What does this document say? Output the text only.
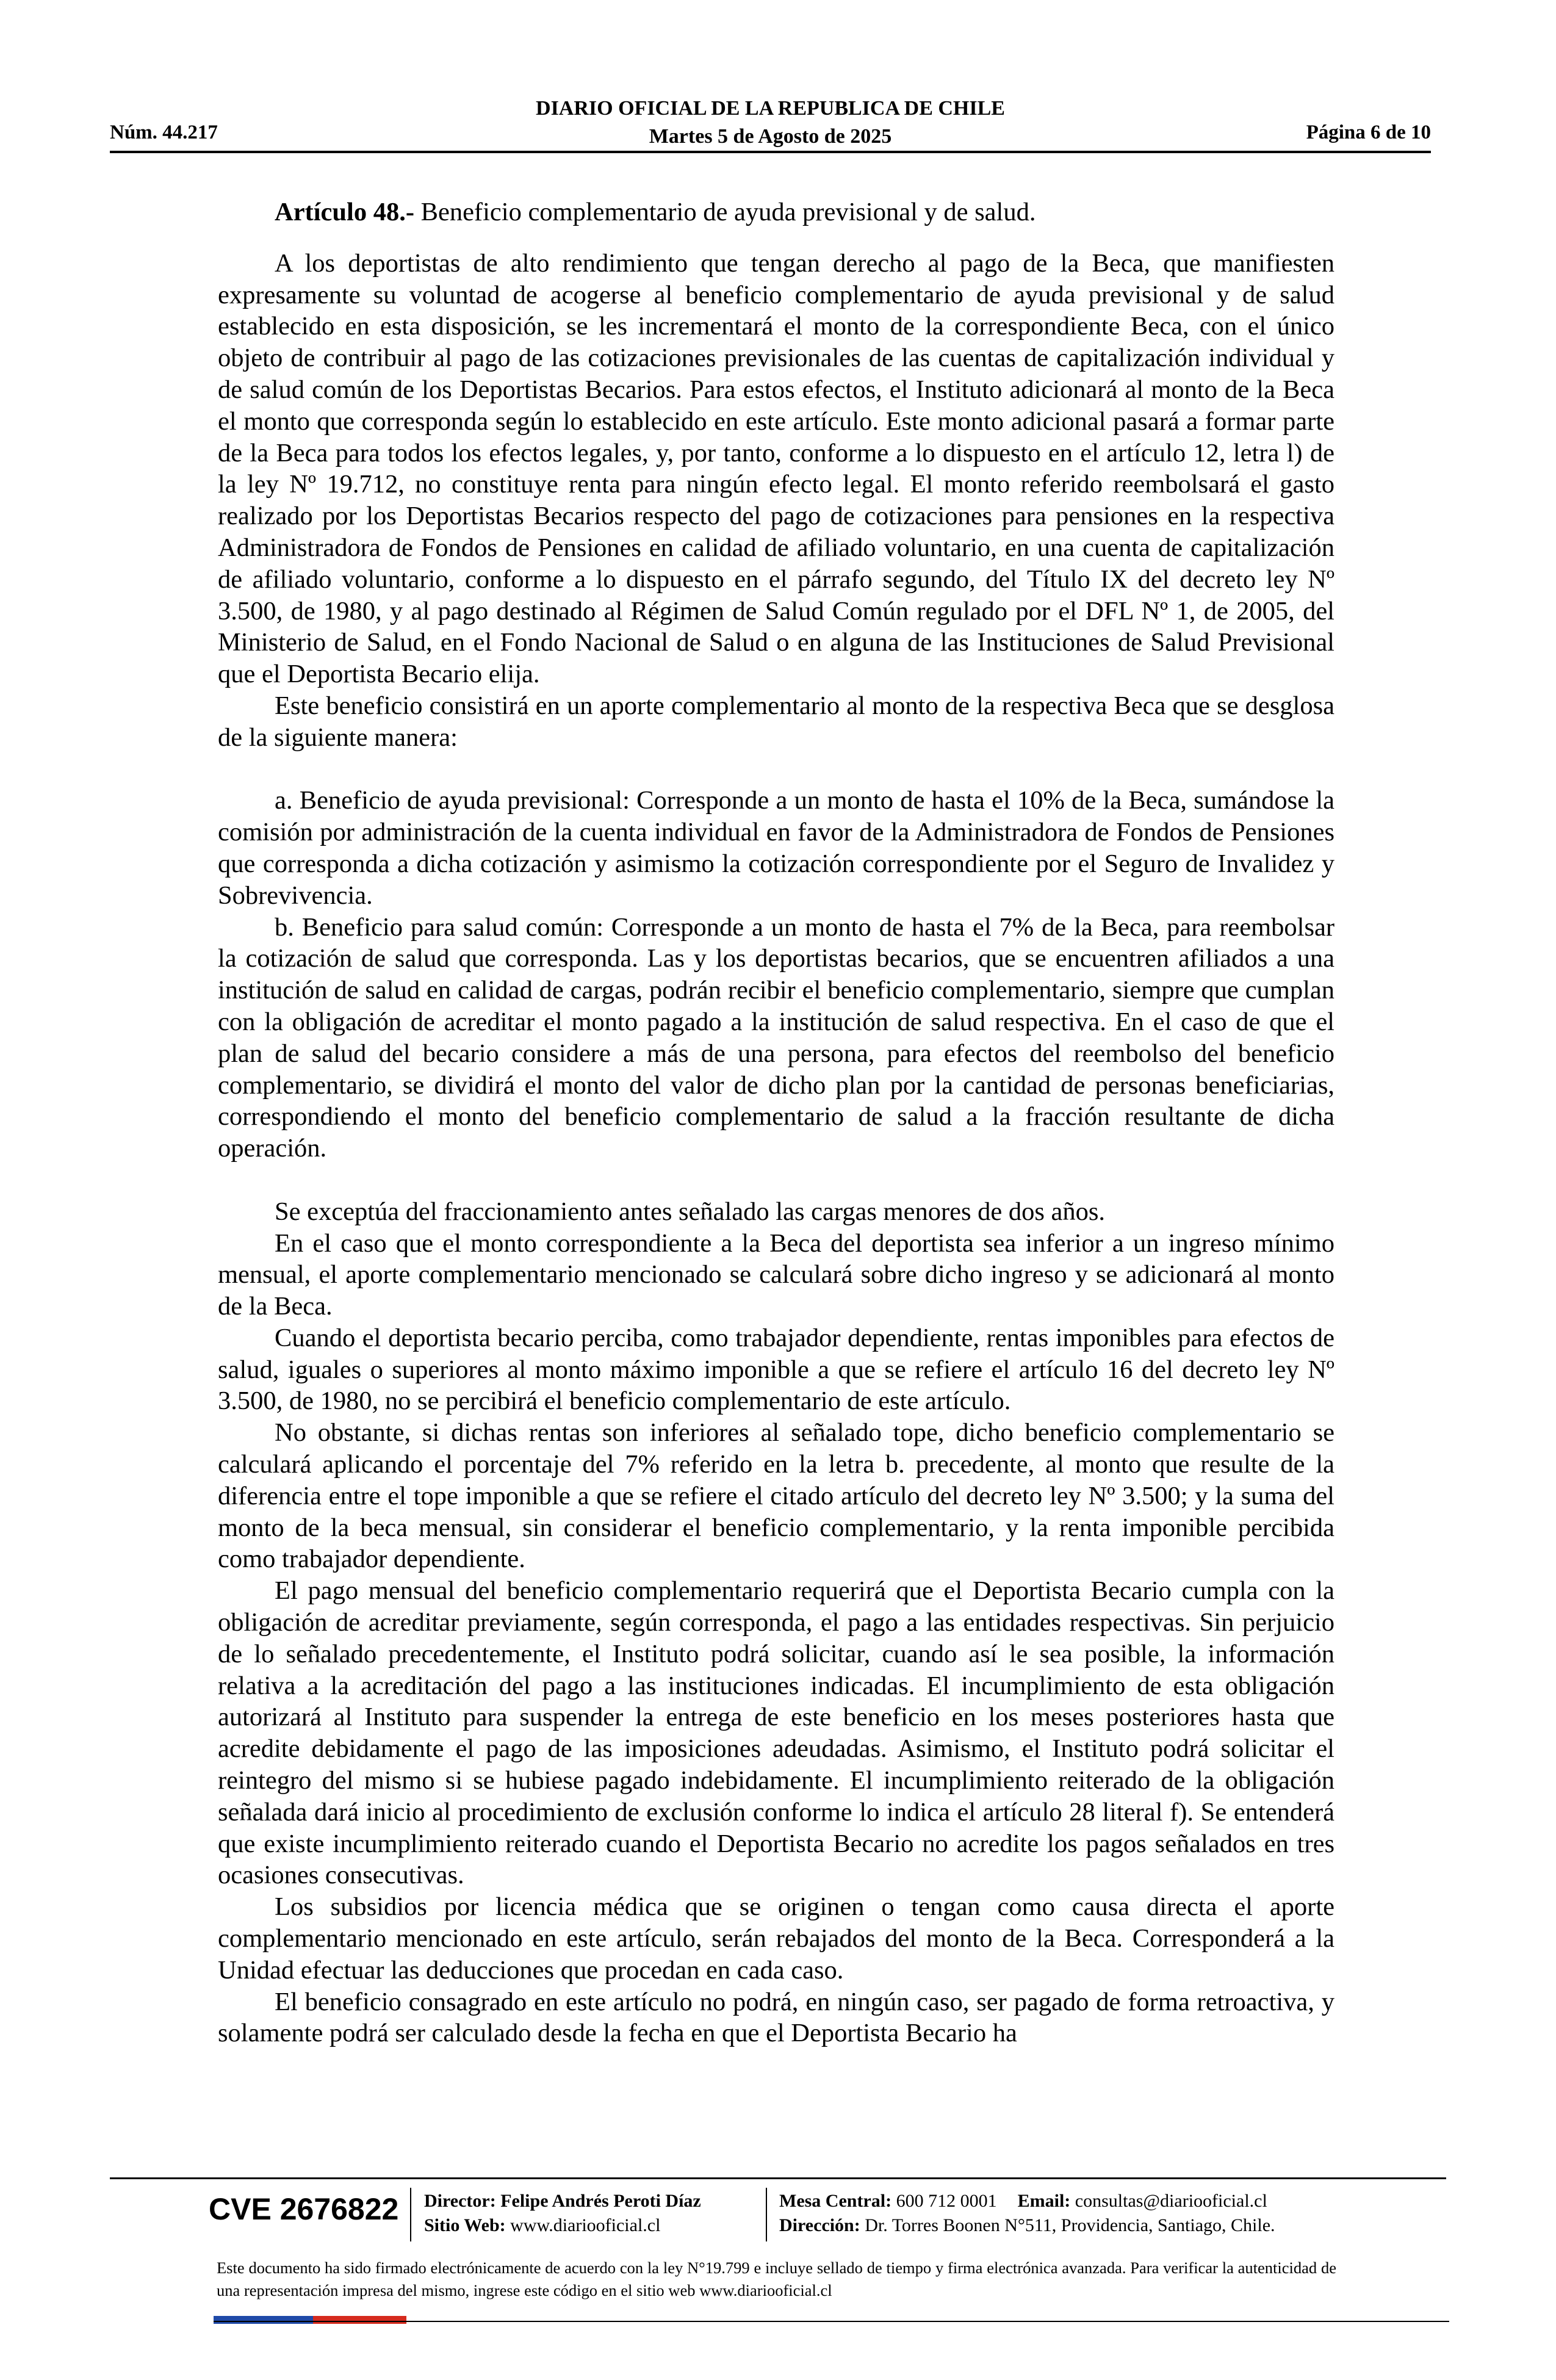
Núm. 44.217
DIARIO OFICIAL DE LA REPUBLICA DE CHILE
Martes 5 de Agosto de 2025	Página 6 de 10

Artículo 48.- Beneficio complementario de ayuda previsional y de salud.

A los deportistas de alto rendimiento que tengan derecho al pago de la Beca, que manifiesten expresamente su voluntad de acogerse al beneficio complementario de ayuda previsional y de salud establecido en esta disposición, se les incrementará el monto de la correspondiente Beca, con el único objeto de contribuir al pago de las cotizaciones previsionales de las cuentas de capitalización individual y de salud común de los Deportistas Becarios. Para estos efectos, el Instituto adicionará al monto de la Beca el monto que corresponda según lo establecido en este artículo. Este monto adicional pasará a formar parte de la Beca para todos los efectos legales, y, por tanto, conforme a lo dispuesto en el artículo 12, letra l) de la ley Nº 19.712, no constituye renta para ningún efecto legal. El monto referido reembolsará el gasto realizado por los Deportistas Becarios respecto del pago de cotizaciones para pensiones en la respectiva Administradora de Fondos de Pensiones en calidad de afiliado voluntario, en una cuenta de capitalización de afiliado voluntario, conforme a lo dispuesto en el párrafo segundo, del Título IX del decreto ley Nº 3.500, de 1980, y al pago destinado al Régimen de Salud Común regulado por el DFL Nº 1, de 2005, del Ministerio de Salud, en el Fondo Nacional de Salud o en alguna de las Instituciones de Salud Previsional que el Deportista Becario elija.

Este beneficio consistirá en un aporte complementario al monto de la respectiva Beca que se desglosa de la siguiente manera:

a. Beneficio de ayuda previsional: Corresponde a un monto de hasta el 10% de la Beca, sumándose la comisión por administración de la cuenta individual en favor de la Administradora de Fondos de Pensiones que corresponda a dicha cotización y asimismo la cotización correspondiente por el Seguro de Invalidez y Sobrevivencia.

b. Beneficio para salud común: Corresponde a un monto de hasta el 7% de la Beca, para reembolsar la cotización de salud que corresponda. Las y los deportistas becarios, que se encuentren afiliados a una institución de salud en calidad de cargas, podrán recibir el beneficio complementario, siempre que cumplan con la obligación de acreditar el monto pagado a la institución de salud respectiva. En el caso de que el plan de salud del becario considere a más de una persona, para efectos del reembolso del beneficio complementario, se dividirá el monto del valor de dicho plan por la cantidad de personas beneficiarias, correspondiendo el monto del beneficio complementario de salud a la fracción resultante de dicha operación.

Se exceptúa del fraccionamiento antes señalado las cargas menores de dos años.

En el caso que el monto correspondiente a la Beca del deportista sea inferior a un ingreso mínimo mensual, el aporte complementario mencionado se calculará sobre dicho ingreso y se adicionará al monto de la Beca.

Cuando el deportista becario perciba, como trabajador dependiente, rentas imponibles para efectos de salud, iguales o superiores al monto máximo imponible a que se refiere el artículo 16 del decreto ley Nº 3.500, de 1980, no se percibirá el beneficio complementario de este artículo.

No obstante, si dichas rentas son inferiores al señalado tope, dicho beneficio complementario se calculará aplicando el porcentaje del 7% referido en la letra b. precedente, al monto que resulte de la diferencia entre el tope imponible a que se refiere el citado artículo del decreto ley Nº 3.500; y la suma del monto de la beca mensual, sin considerar el beneficio complementario, y la renta imponible percibida como trabajador dependiente.

El pago mensual del beneficio complementario requerirá que el Deportista Becario cumpla con la obligación de acreditar previamente, según corresponda, el pago a las entidades respectivas. Sin perjuicio de lo señalado precedentemente, el Instituto podrá solicitar, cuando así le sea posible, la información relativa a la acreditación del pago a las instituciones indicadas. El incumplimiento de esta obligación autorizará al Instituto para suspender la entrega de este beneficio en los meses posteriores hasta que acredite debidamente el pago de las imposiciones adeudadas. Asimismo, el Instituto podrá solicitar el reintegro del mismo si se hubiese pagado indebidamente. El incumplimiento reiterado de la obligación señalada dará inicio al procedimiento de exclusión conforme lo indica el artículo 28 literal f). Se entenderá que existe incumplimiento reiterado cuando el Deportista Becario no acredite los pagos señalados en tres ocasiones consecutivas.

Los subsidios por licencia médica que se originen o tengan como causa directa el aporte complementario mencionado en este artículo, serán rebajados del monto de la Beca. Corresponderá a la Unidad efectuar las deducciones que procedan en cada caso.

El beneficio consagrado en este artículo no podrá, en ningún caso, ser pagado de forma retroactiva, y solamente podrá ser calculado desde la fecha en que el Deportista Becario ha

CVE 2676822 Director: Felipe Andrés Peroti Díaz
Sitio Web: www.diariooficial.cl
Mesa Central: 600 712 0001 Email: consultas@diariooficial.cl
Dirección: Dr. Torres Boonen N°511, Providencia, Santiago, Chile.
Este documento ha sido firmado electrónicamente de acuerdo con la ley N°19.799 e incluye sellado de tiempo y firma electrónica avanzada. Para verificar la autenticidad de una representación impresa del mismo, ingrese este código en el sitio web www.diariooficial.cl
